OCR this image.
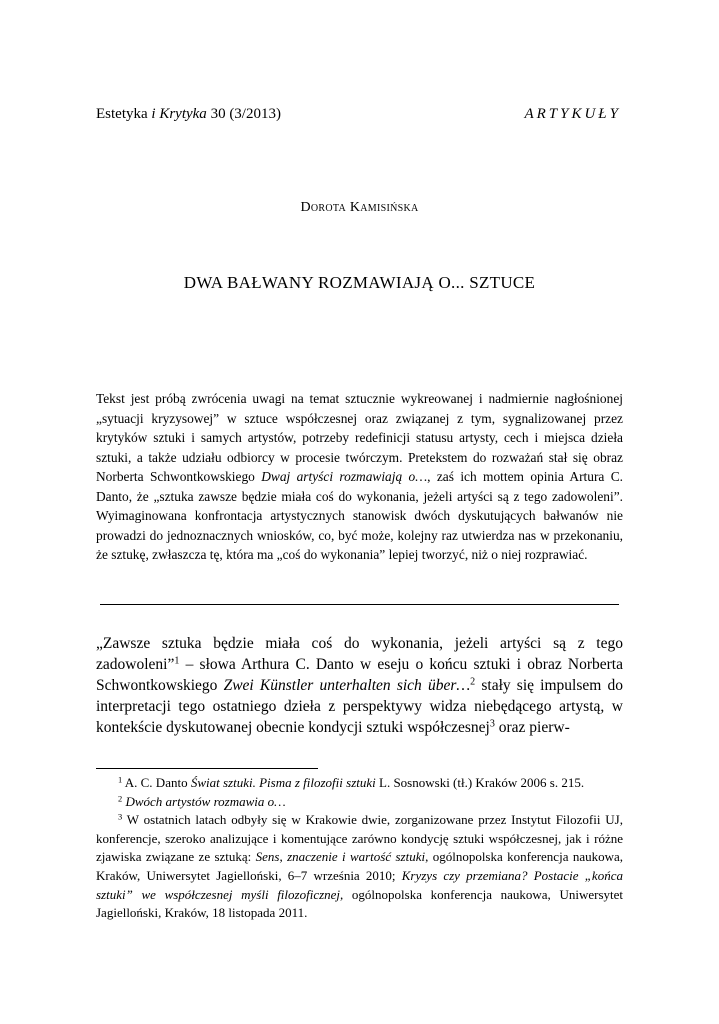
Estetyka i Krytyka 30 (3/2013)	ARTYKUŁY
Dorota Kamisińska
DWA BAŁWANY ROZMAWIAJĄ O... SZTUCE

Tekst jest próbą zwrócenia uwagi na temat sztucznie wykreowanej i nadmiernie nagłośnionej „sytuacji kryzysowej” w sztuce współczesnej oraz związanej z tym, sygnalizowanej przez krytyków sztuki i samych artystów, potrzeby redefinicji statusu artysty, cech i miejsca dzieła sztuki, a także udziału odbiorcy w procesie twórczym. Pretekstem do rozważań stał się obraz Norberta Schwontkowskiego Dwaj artyści rozmawiają o…, zaś ich mottem opinia Artura C. Danto, że „sztuka zawsze będzie miała coś do wykonania, jeżeli artyści są z tego zadowoleni”. Wyimaginowana konfrontacja artystycznych stanowisk dwóch dyskutujących bałwanów nie prowadzi do jednoznacznych wniosków, co, być może, kolejny raz utwierdza nas w przekonaniu, że sztukę, zwłaszcza tę, która ma „coś do wykonania” lepiej tworzyć, niż o niej rozprawiać.

„Zawsze sztuka będzie miała coś do wykonania, jeżeli artyści są z tego zadowoleni”$^1$ – słowa Arthura C. Danto w eseju o końcu sztuki i obraz Norberta Schwontkowskiego Zwei Künstler unterhalten sich über…$^2$ stały się impulsem do interpretacji tego ostatniego dzieła z perspektywy widza niebędącego artystą, w kontekście dyskutowanej obecnie kondycji sztuki współczesnej$^3$ oraz pierw-

$^1$ A. C. Danto Świat sztuki. Pisma z filozofii sztuki L. Sosnowski (tł.) Kraków 2006 s. 215.

$^2$ Dwóch artystów rozmawia o…

$^3$ W ostatnich latach odbyły się w Krakowie dwie, zorganizowane przez Instytut Filozofii UJ, konferencje, szeroko analizujące i komentujące zarówno kondycję sztuki współczesnej, jak i różne zjawiska związane ze sztuką: Sens, znaczenie i wartość sztuki, ogólnopolska konferencja naukowa, Kraków, Uniwersytet Jagielloński, 6–7 września 2010; Kryzys czy przemiana? Postacie „końca sztuki” we współczesnej myśli filozoficznej, ogólnopolska konferencja naukowa, Uniwersytet Jagielloński, Kraków, 18 listopada 2011.
